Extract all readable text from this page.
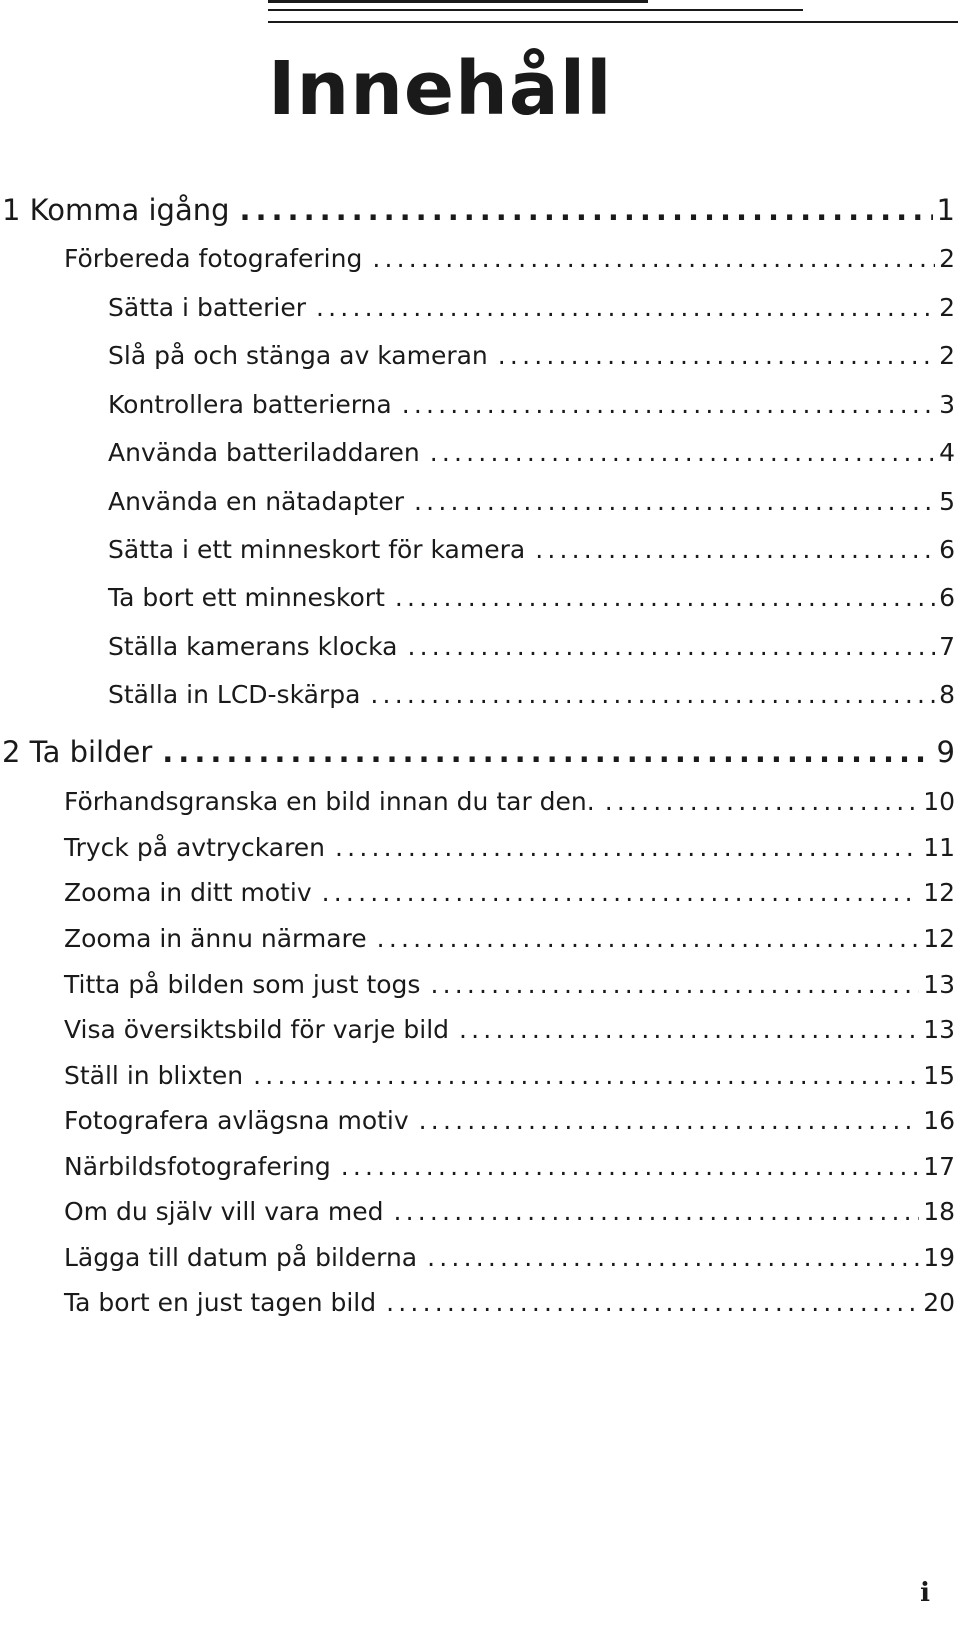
Innehåll
1 Komma igång .....	1
Förbereda fotografering .....	2
Sätta i batterier .....	2
Slå på och stänga av kameran .....	2
Kontrollera batterierna .....	3
Använda batteriladdaren .....	4
Använda en nätadapter .....	5
Sätta i ett minneskort för kamera .....	6
Ta bort ett minneskort .....	6
Ställa kamerans klocka .....	7
Ställa in LCD-skärpa .....	8
2 Ta bilder .....	9
Förhandsgranska en bild innan du tar den. .....	10
Tryck på avtryckaren .....	11
Zooma in ditt motiv .....	12
Zooma in ännu närmare .....	12
Titta på bilden som just togs .....	13
Visa översiktsbild för varje bild .....	13
Ställ in blixten .....	15
Fotografera avlägsna motiv .....	16
Närbildsfotografering .....	17
Om du själv vill vara med .....	18
Lägga till datum på bilderna .....	19
Ta bort en just tagen bild .....	20
i
